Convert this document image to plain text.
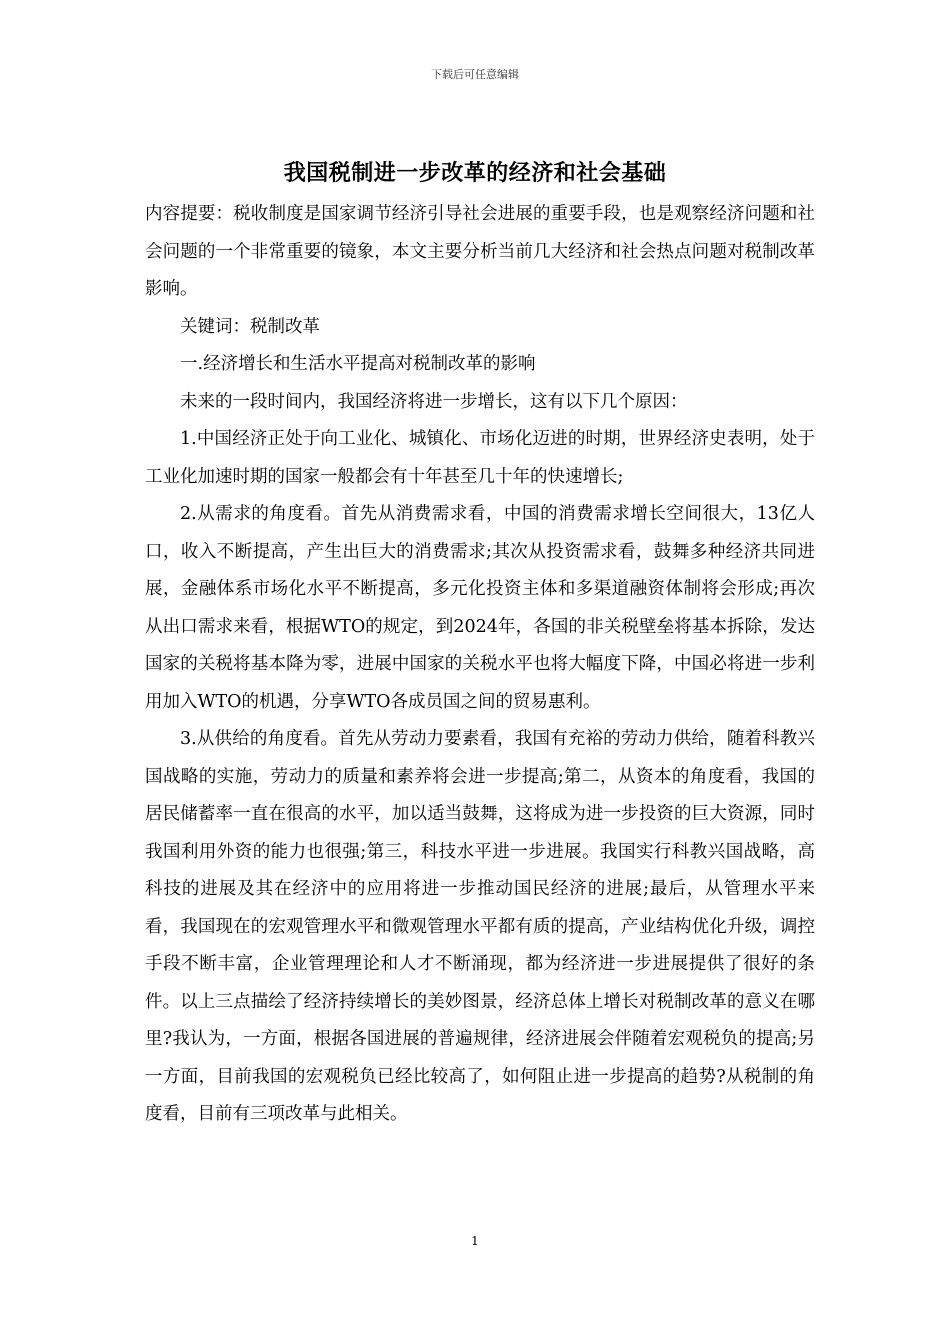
下载后可任意编辑
我国税制进一步改革的经济和社会基础

内容提要：税收制度是国家调节经济引导社会进展的重要手段，也是观察经济问题和社会问题的一个非常重要的镜象，本文主要分析当前几大经济和社会热点问题对税制改革影响。

关键词：税制改革

一.经济增长和生活水平提高对税制改革的影响

未来的一段时间内，我国经济将进一步增长，这有以下几个原因：

1.中国经济正处于向工业化、城镇化、市场化迈进的时期，世界经济史表明，处于工业化加速时期的国家一般都会有十年甚至几十年的快速增长;

2.从需求的角度看。首先从消费需求看，中国的消费需求增长空间很大，13亿人口，收入不断提高，产生出巨大的消费需求;其次从投资需求看，鼓舞多种经济共同进展，金融体系市场化水平不断提高，多元化投资主体和多渠道融资体制将会形成;再次从出口需求来看，根据WTO的规定，到2024年，各国的非关税壁垒将基本拆除，发达国家的关税将基本降为零，进展中国家的关税水平也将大幅度下降，中国必将进一步利用加入WTO的机遇，分享WTO各成员国之间的贸易惠利。

3.从供给的角度看。首先从劳动力要素看，我国有充裕的劳动力供给，随着科教兴国战略的实施，劳动力的质量和素养将会进一步提高;第二，从资本的角度看，我国的居民储蓄率一直在很高的水平，加以适当鼓舞，这将成为进一步投资的巨大资源，同时我国利用外资的能力也很强;第三，科技水平进一步进展。我国实行科教兴国战略，高科技的进展及其在经济中的应用将进一步推动国民经济的进展;最后，从管理水平来看，我国现在的宏观管理水平和微观管理水平都有质的提高，产业结构优化升级，调控手段不断丰富，企业管理理论和人才不断涌现，都为经济进一步进展提供了很好的条件。以上三点描绘了经济持续增长的美妙图景，经济总体上增长对税制改革的意义在哪里?我认为，一方面，根据各国进展的普遍规律，经济进展会伴随着宏观税负的提高;另一方面，目前我国的宏观税负已经比较高了，如何阻止进一步提高的趋势?从税制的角度看，目前有三项改革与此相关。

1
